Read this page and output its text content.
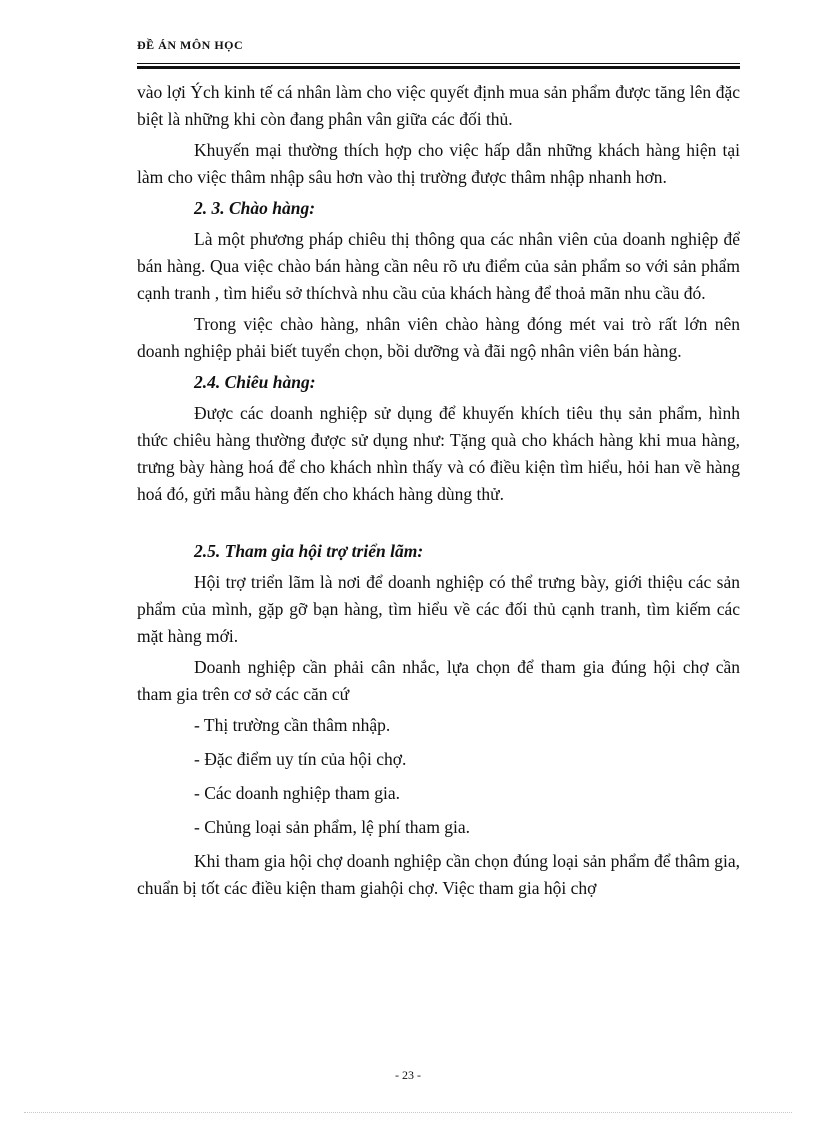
ĐỀ ÁN MÔN HỌC

vào lợi Ých kinh tế cá nhân làm cho việc quyết định mua sản phẩm được tăng lên đặc biệt là những khi còn đang phân vân giữa các đối thủ.

Khuyến mại thường thích hợp cho việc hấp dẫn những khách hàng hiện tại làm cho việc thâm nhập sâu hơn vào thị trường được thâm nhập nhanh hơn.

2. 3. Chào hàng:

Là một phương pháp chiêu thị thông qua các nhân viên của doanh nghiệp để bán hàng. Qua việc chào bán hàng cần nêu rõ ưu điểm của sản phẩm so với sản phẩm cạnh tranh , tìm hiểu sở thíchvà nhu cầu của khách hàng để thoả mãn nhu cầu đó.

Trong việc chào hàng, nhân viên chào hàng đóng mét vai trò rất lớn nên doanh nghiệp phải biết tuyển chọn, bồi dưỡng và đãi ngộ nhân viên bán hàng.

2.4. Chiêu hàng:

Được các doanh nghiệp sử dụng để khuyến khích tiêu thụ sản phẩm, hình thức chiêu hàng thường được sử dụng như: Tặng quà cho khách hàng khi mua hàng, trưng bày hàng hoá để cho khách nhìn thấy và có điều kiện tìm hiểu, hỏi han về hàng hoá đó, gửi mẫu hàng đến cho khách hàng dùng thử.

2.5. Tham gia hội trợ triển lãm:

Hội trợ triển lãm là nơi để doanh nghiệp có thể trưng bày, giới thiệu các sản phẩm của mình, gặp gỡ bạn hàng, tìm hiểu về các đối thủ cạnh tranh, tìm kiếm các mặt hàng mới.

Doanh nghiệp cần phải cân nhắc, lựa chọn để tham gia đúng hội chợ cần tham gia trên cơ sở các căn cứ

- Thị trường cần thâm nhập.

- Đặc điểm uy tín của hội chợ.

- Các doanh nghiệp tham gia.

- Chủng loại sản phẩm, lệ phí tham gia.

Khi tham gia hội chợ doanh nghiệp cần chọn đúng loại sản phẩm để thâm gia, chuẩn bị tốt các điều kiện tham giahội chợ. Việc tham gia hội chợ

- 23 -
